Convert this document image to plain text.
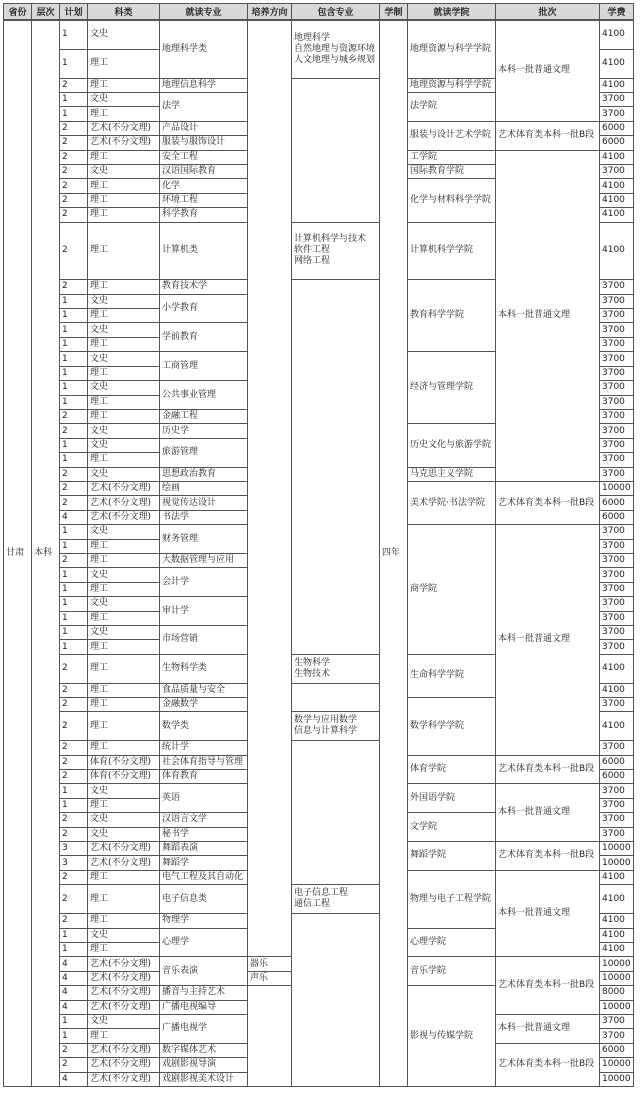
省份	层次	计划	科类	就读专业	培养方向	包含专业	学制	就读学院	批次	学费
甘肃	本科	1	文史	地理科学类		地理科学
自然地理与资源环境
人文地理与城乡规划	四年	地理资源与科学学院	本科一批普通文理	4100
		1	理工							4100
		2	理工	地理信息科学				地理资源与科学学院		4100
		1	文史	法学				法学院		3700
		1	理工							3700
		2	艺术(不分文理)	产品设计				服装与设计艺术学院	艺术体育类本科一批B段	6000
		2	艺术(不分文理)	服装与服饰设计						6000
		2	理工	安全工程				工学院	本科一批普通文理	4100
		2	文史	汉语国际教育				国际教育学院		3700
		2	理工	化学				化学与材料科学学院		4100
		2	理工	环境工程						4100
		2	理工	科学教育						4100
		2	理工	计算机类		计算机科学与技术
软件工程
网络工程		计算机科学学院		4100
		2	理工	教育技术学				教育科学学院		3700
		1	文史	小学教育						3700
		1	理工							3700
		1	文史	学前教育						3700
		1	理工							3700
		1	文史	工商管理				经济与管理学院		3700
		1	理工							3700
		1	文史	公共事业管理						3700
		1	理工							3700
		2	理工	金融工程						3700
		2	文史	历史学				历史文化与旅游学院		3700
		1	文史	旅游管理						3700
		1	理工							3700
		2	文史	思想政治教育				马克思主义学院		3700
		2	艺术(不分文理)	绘画				美术学院·书法学院	艺术体育类本科一批B段	10000
		2	艺术(不分文理)	视觉传达设计						6000
		4	艺术(不分文理)	书法学						6000
		1	文史	财务管理				商学院	本科一批普通文理	3700
		1	理工							3700
		2	理工	大数据管理与应用						3700
		1	文史	会计学						3700
		1	理工							3700
		1	文史	审计学						3700
		1	理工							3700
		1	文史	市场营销						3700
		1	理工							3700
		2	理工	生物科学类		生物科学
生物技术		生命科学学院		4100
		2	理工	食品质量与安全						4100
		2	理工	金融数学				数学科学学院		3700
		2	理工	数学类		数学与应用数学
信息与计算科学				4100
		2	理工	统计学						3700
		2	体育(不分文理)	社会体育指导与管理				体育学院	艺术体育类本科一批B段	6000
		2	体育(不分文理)	体育教育						6000
		1	文史	英语				外国语学院	本科一批普通文理	3700
		1	理工							3700
		2	文史	汉语言文学				文学院		3700
		2	文史	秘书学						3700
		3	艺术(不分文理)	舞蹈表演				舞蹈学院	艺术体育类本科一批B段	10000
		3	艺术(不分文理)	舞蹈学						10000
		2	理工	电气工程及其自动化				物理与电子工程学院	本科一批普通文理	4100
		2	理工	电子信息类		电子信息工程
通信工程				4100
		2	理工	物理学						4100
		1	文史	心理学				心理学院		4100
		1	理工							4100
		4	艺术(不分文理)	音乐表演	器乐			音乐学院	艺术体育类本科一批B段	10000
		4	艺术(不分文理)		声乐					10000
		4	艺术(不分文理)	播音与主持艺术				影视与传媒学院		8000
		4	艺术(不分文理)	广播电视编导						10000
		1	文史	广播电视学					本科一批普通文理	3700
		1	理工							3700
		2	艺术(不分文理)	数字媒体艺术					艺术体育类本科一批B段	6000
		2	艺术(不分文理)	戏剧影视导演						10000
		4	艺术(不分文理)	戏剧影视美术设计						10000
